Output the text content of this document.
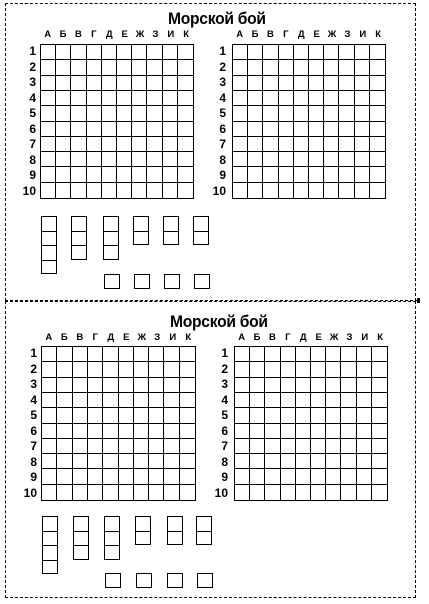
Морской бой
Морской бой
А Б В Г Д Е Ж З И К
1
2
3
4
5
6
7
8
9
10
А Б В Г Д Е Ж З И К
1
2
3
4
5
6
7
8
9
10
А Б В Г Д Е Ж З И К
1
2
3
4
5
6
7
8
9
10
А Б В Г Д Е Ж З И К
1
2
3
4
5
6
7
8
9
10
